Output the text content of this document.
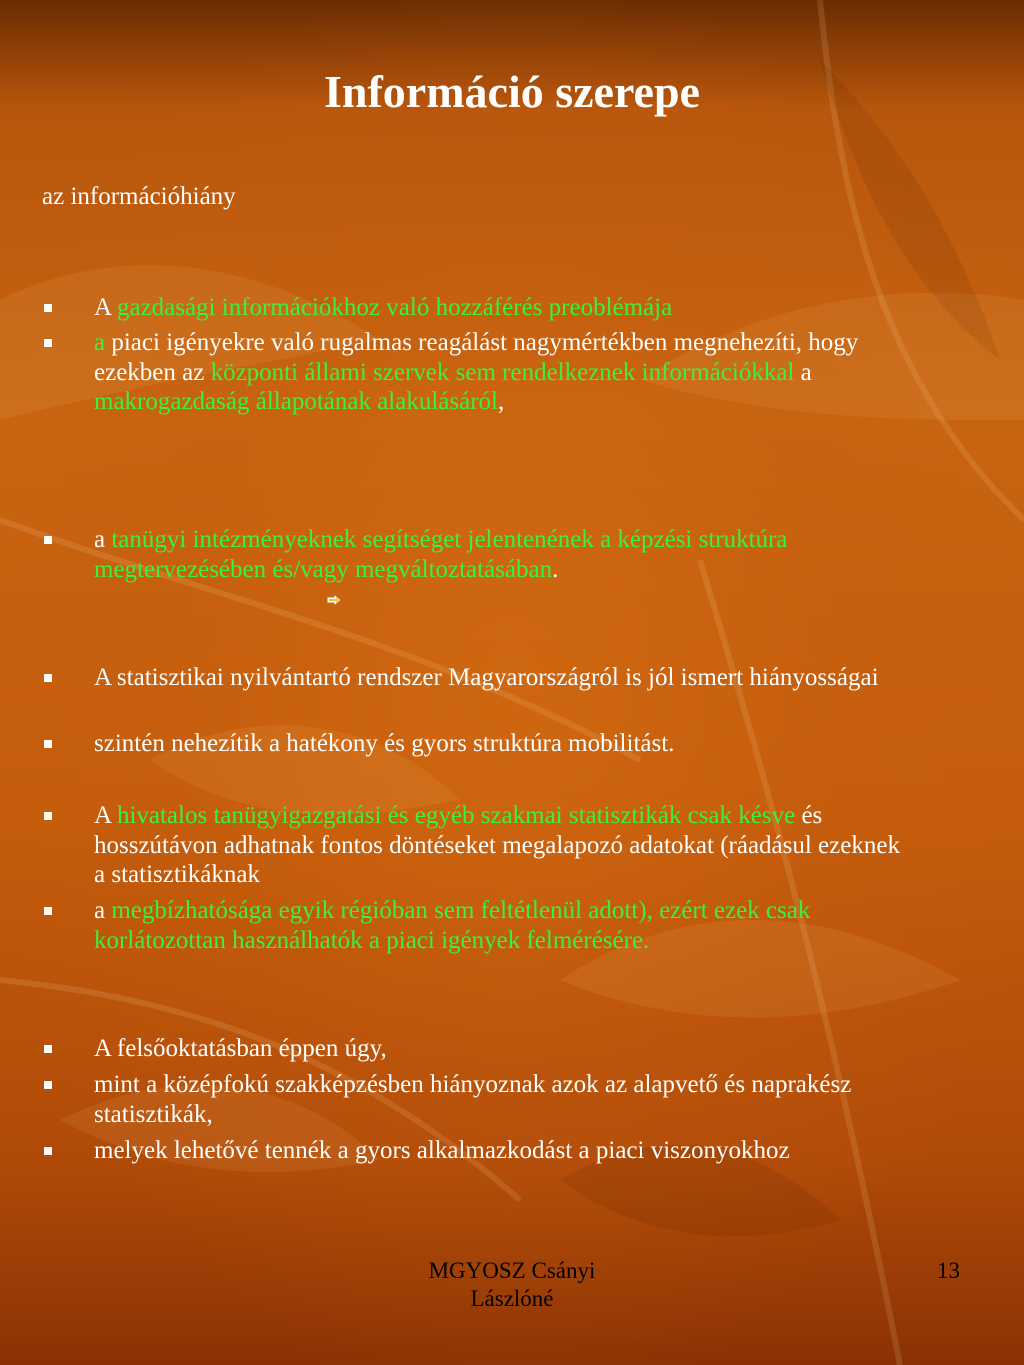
Információ szerepe
az információhiány
A gazdasági információkhoz való hozzáférés preoblémája
a piaci igényekre való rugalmas reagálást nagymértékben megnehezíti, hogy ezekben az központi állami szervek sem rendelkeznek információkkal a makrogazdaság állapotának alakulásáról,
a tanügyi intézményeknek segítséget jelentenének a képzési struktúra megtervezésében és/vagy megváltoztatásában.
A statisztikai nyilvántartó rendszer Magyarországról is jól ismert hiányosságai
szintén nehezítik a hatékony és gyors struktúra mobilitást.
A hivatalos tanügyigazgatási és egyéb szakmai statisztikák csak késve és hosszútávon adhatnak fontos döntéseket megalapozó adatokat (ráadásul ezeknek a statisztikáknak
a megbízhatósága egyik régióban sem feltétlenül adott), ezért ezek csak korlátozottan használhatók a piaci igények felmérésére.
A felsőoktatásban éppen úgy,
mint a középfokú szakképzésben hiányoznak azok az alapvető és naprakész statisztikák,
melyek lehetővé tennék a gyors alkalmazkodást a piaci viszonyokhoz
MGYOSZ Csányi Lászlóné
13
